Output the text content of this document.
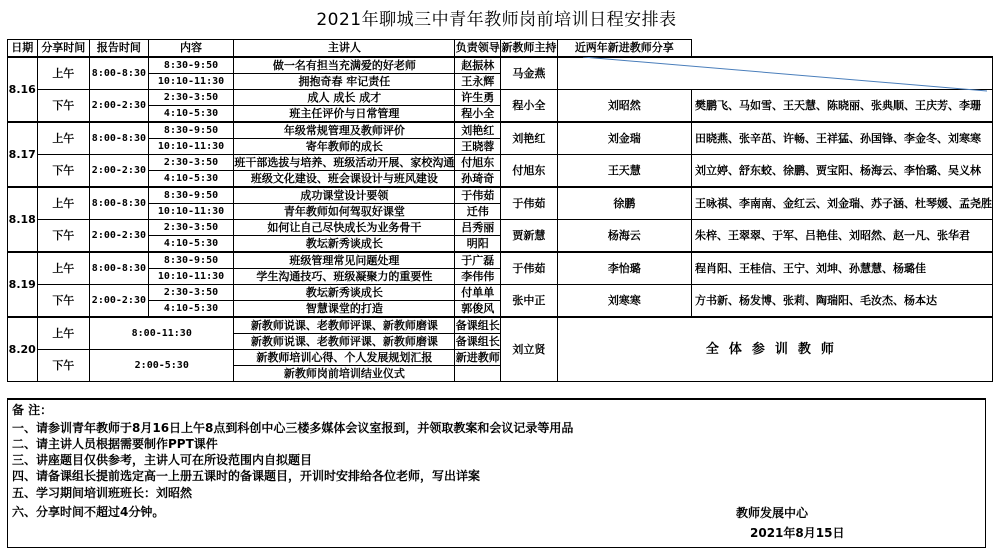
2021年聊城三中青年教师岗前培训日程安排表
日期	分享时间	报告时间	内容	主讲人	负责领导	新教师主持	近两年新进教师分享	
8.16	上午	8:00-8:30	8:30-9:50	做一名有担当充满爱的好老师	赵振林	马金燕		
			10:10-11:30	拥抱奇春 牢记责任	王永辉			
	下午	2:00-2:30	2:30-3:50	成人 成长 成才	许生勇	程小全	刘昭然	樊鹏飞、马如雪、王天慧、陈晓丽、张典顺、王庆芳、李珊
			4:10-5:30	班主任评价与日常管理	程小全			
8.17	上午	8:00-8:30	8:30-9:50	年级常规管理及教师评价	刘艳红	刘艳红	刘金瑞	田晓燕、张辛茁、许畅、王祥猛、孙国锋、李金冬、刘寒寒
			10:10-11:30	寄年教师的成长	王晓蓉			
	下午	2:00-2:30	2:30-3:50	班干部选拔与培养、班级活动开展、家校沟通	付旭东	付旭东	王天慧	刘立婷、舒东蛟、徐鹏、贾宝阳、杨海云、李怡璐、吴义林
			4:10-5:30	班级文化建设、班会课设计与班风建设	孙琦奇			
8.18	上午	8:00-8:30	8:30-9:50	成功课堂设计要领	于伟茹	于伟茹	徐鹏	王咏祺、李南南、金红云、刘金瑞、苏子涵、杜琴媛、孟尧胜
			10:10-11:30	青年教师如何驾驭好课堂	迁伟			
	下午	2:00-2:30	2:30-3:50	如何让自己尽快成长为业务骨干	吕秀丽	贾新慧	杨海云	朱梓、王翠翠、于军、吕艳佳、刘昭然、赵一凡、张华君
			4:10-5:30	教坛新秀谈成长	明阳			
8.19	上午	8:00-8:30	8:30-9:50	班级管理常见问题处理	于广磊	于伟茹	李怡璐	程肖阳、王桂信、王宁、刘坤、孙慧慧、杨璐佳
			10:10-11:30	学生沟通技巧、班级凝聚力的重要性	李伟伟			
	下午	2:00-2:30	2:30-3:50	教坛新秀谈成长	付单单	张中正	刘寒寒	方书新、杨发博、张莉、陶瑞阳、毛汝杰、杨本达
			4:10-5:30	智慧课堂的打造	郭俊风			
8.20	上午	8:00-11:30		新教师说课、老教师评课、新教师磨课	备课组长	刘立贤	全体参训教师	
				新教师说课、老教师评课、新教师磨课	备课组长			
	下午	2:00-5:30		新教师培训心得、个人发展规划汇报	新进教师			
				新教师岗前培训结业仪式				
备 注：
一、请参训青年教师于8月16日上午8点到科创中心三楼多媒体会议室报到，并领取教案和会议记录等用品
二、请主讲人员根据需要制作PPT课件
三、讲座题目仅供参考，主讲人可在所设范围内自拟题目
四、请备课组长提前选定高一上册五课时的备课题目，开训时安排给各位老师，写出详案
五、学习期间培训班班长：刘昭然
六、分享时间不超过4分钟。	教师发展中心
2021年8月15日
